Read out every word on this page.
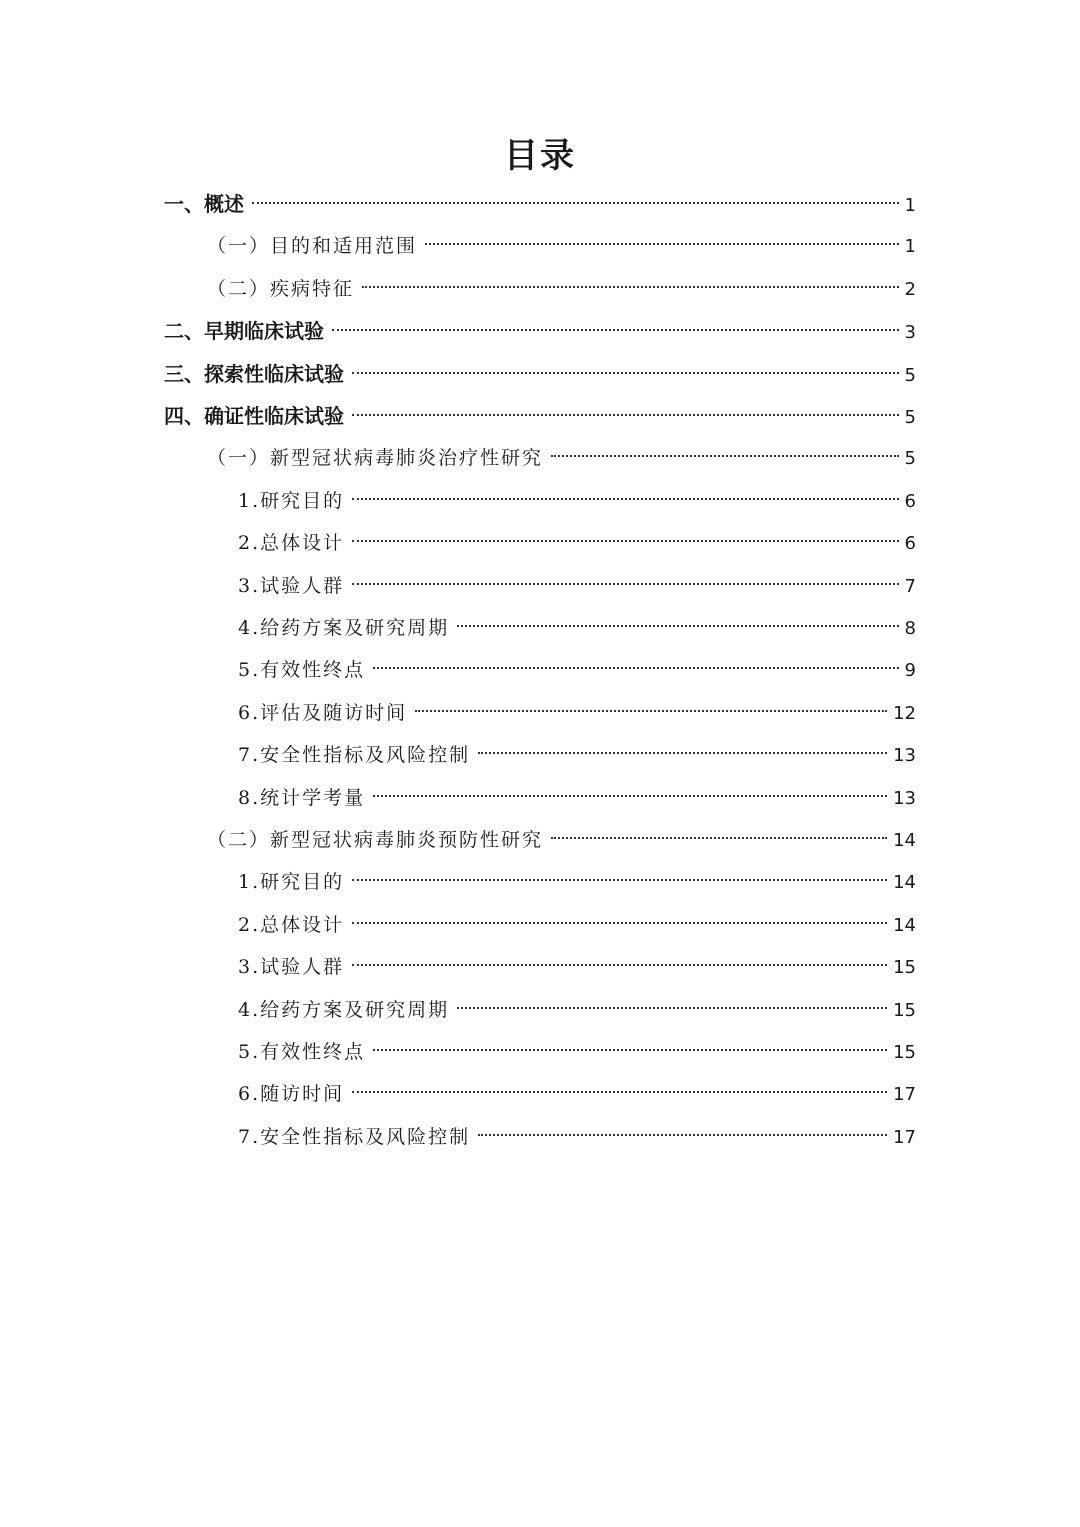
目录
一、概述	1
（一）目的和适用范围	1
（二）疾病特征	2
二、早期临床试验	3
三、探索性临床试验	5
四、确证性临床试验	5
（一）新型冠状病毒肺炎治疗性研究	5
1.研究目的	6
2.总体设计	6
3.试验人群	7
4.给药方案及研究周期	8
5.有效性终点	9
6.评估及随访时间	12
7.安全性指标及风险控制	13
8.统计学考量	13
（二）新型冠状病毒肺炎预防性研究	14
1.研究目的	14
2.总体设计	14
3.试验人群	15
4.给药方案及研究周期	15
5.有效性终点	15
6.随访时间	17
7.安全性指标及风险控制	17
